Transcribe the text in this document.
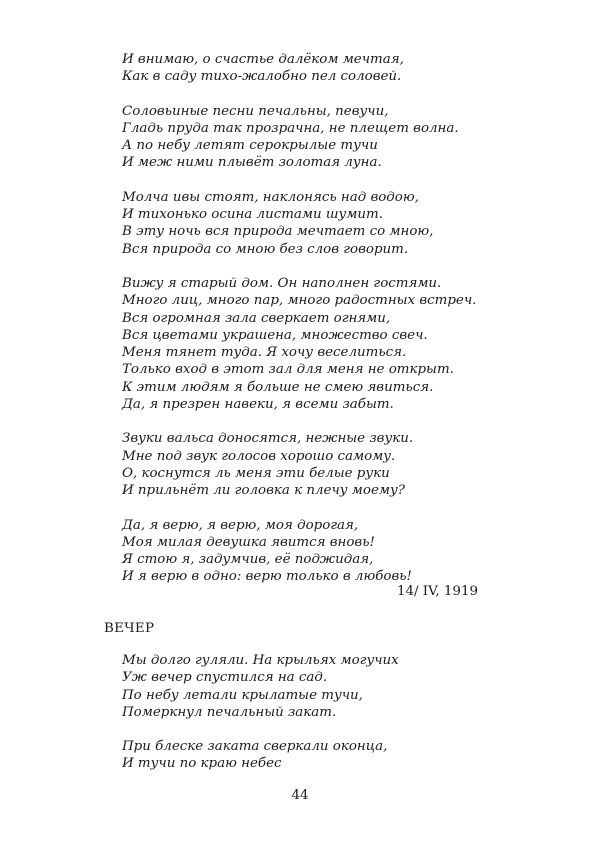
И внимаю, о счастье далёком мечтая,
Как в саду тихо-жалобно пел соловей.
Соловьиные песни печальны, певучи,
Гладь пруда так прозрачна, не плещет волна.
А по небу летят серокрылые тучи
И меж ними плывёт золотая луна.
Молча ивы стоят, наклонясь над водою,
И тихонько осина листами шумит.
В эту ночь вся природа мечтает со мною,
Вся природа со мною без слов говорит.
Вижу я старый дом. Он наполнен гостями.
Много лиц, много пар, много радостных встреч.
Вся огромная зала сверкает огнями,
Вся цветами украшена, множество свеч.
Меня тянет туда. Я хочу веселиться.
Только вход в этот зал для меня не открыт.
К этим людям я больше не смею явиться.
Да, я презрен навеки, я всеми забыт.
Звуки вальса доносятся, нежные звуки.
Мне под звук голосов хорошо самому.
О, коснутся ль меня эти белые руки
И прильнёт ли головка к плечу моему?
Да, я верю, я верю, моя дорогая,
Моя милая девушка явится вновь!
Я стою я, задумчив, её поджидая,
И я верю в одно: верю только в любовь!
14/ IV, 1919
ВЕЧЕР
Мы долго гуляли. На крыльях могучих
Уж вечер спустился на сад.
По небу летали крылатые тучи,
Померкнул печальный закат.
При блеске заката сверкали оконца,
И тучи по краю небес
44
